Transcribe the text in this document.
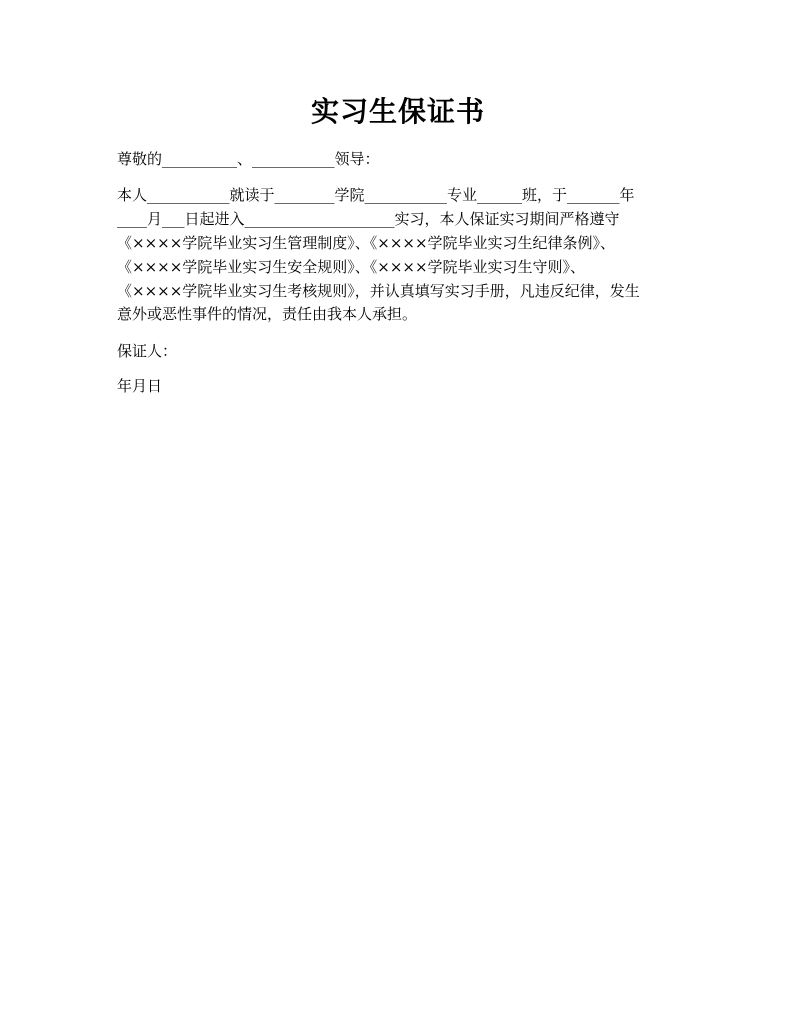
实习生保证书

尊敬的__________、___________领导：

本人___________就读于________学院___________专业______班，于_______年

____月___日起进入____________________实习，本人保证实习期间严格遵守

《××××学院毕业实习生管理制度》、《××××学院毕业实习生纪律条例》、

《××××学院毕业实习生安全规则》、《××××学院毕业实习生守则》、

《××××学院毕业实习生考核规则》，并认真填写实习手册，凡违反纪律，发生

意外或恶性事件的情况，责任由我本人承担。

保证人：

年月日
